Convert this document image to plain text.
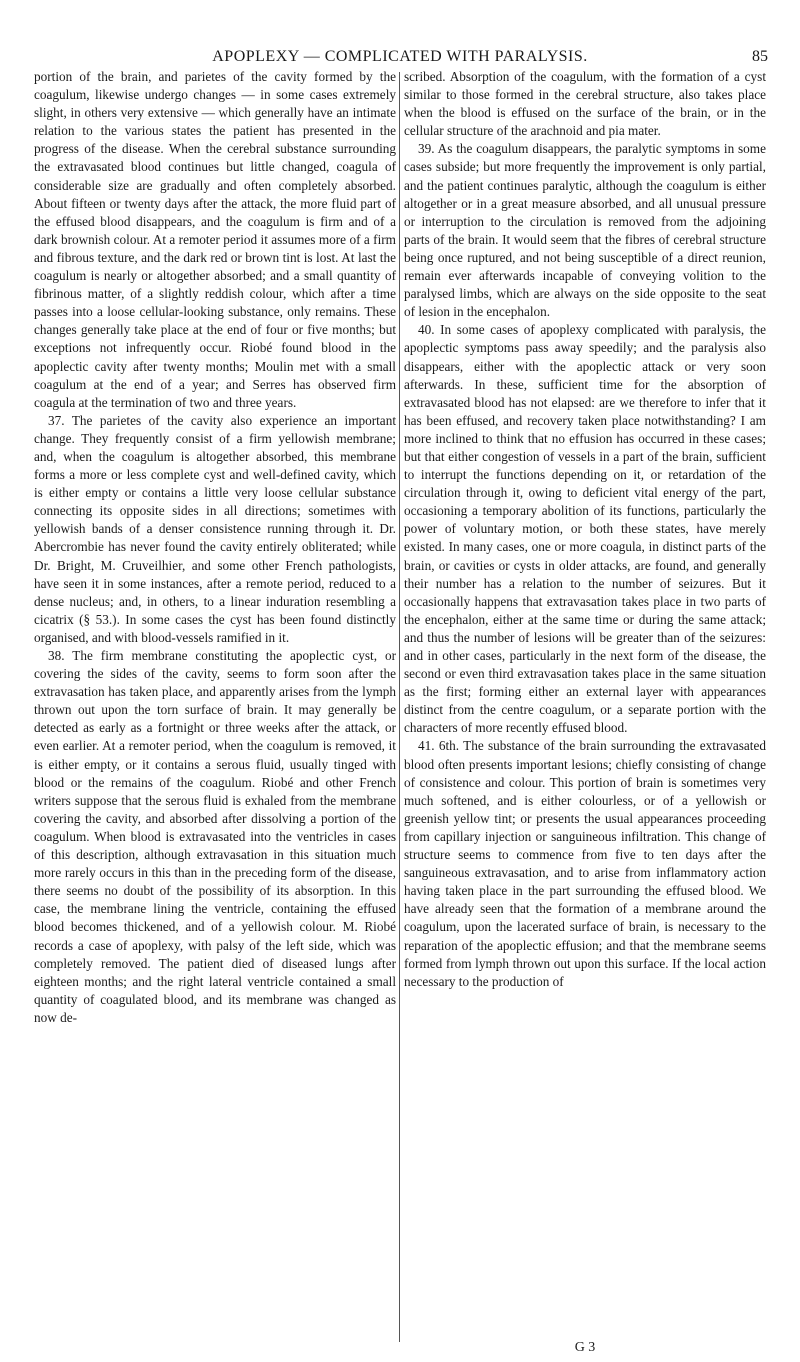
APOPLEXY — COMPLICATED WITH PARALYSIS.	85

portion of the brain, and parietes of the cavity formed by the coagulum, likewise undergo changes — in some cases extremely slight, in others very extensive — which generally have an intimate relation to the various states the patient has presented in the progress of the disease. When the cerebral substance surrounding the extravasated blood continues but little changed, coagula of considerable size are gradually and often completely absorbed. About fifteen or twenty days after the attack, the more fluid part of the effused blood disappears, and the coagulum is firm and of a dark brownish colour. At a remoter period it assumes more of a firm and fibrous texture, and the dark red or brown tint is lost. At last the coagulum is nearly or altogether absorbed; and a small quantity of fibrinous matter, of a slightly reddish colour, which after a time passes into a loose cellular-looking substance, only remains. These changes generally take place at the end of four or five months; but exceptions not infrequently occur. Riobé found blood in the apoplectic cavity after twenty months; Moulin met with a small coagulum at the end of a year; and Serres has observed firm coagula at the termination of two and three years.

37. The parietes of the cavity also experience an important change. They frequently consist of a firm yellowish membrane; and, when the coagulum is altogether absorbed, this membrane forms a more or less complete cyst and well-defined cavity, which is either empty or contains a little very loose cellular substance connecting its opposite sides in all directions; sometimes with yellowish bands of a denser consistence running through it. Dr. Abercrombie has never found the cavity entirely obliterated; while Dr. Bright, M. Cruveilhier, and some other French pathologists, have seen it in some instances, after a remote period, reduced to a dense nucleus; and, in others, to a linear induration resembling a cicatrix (§ 53.). In some cases the cyst has been found distinctly organised, and with blood-vessels ramified in it.

38. The firm membrane constituting the apoplectic cyst, or covering the sides of the cavity, seems to form soon after the extravasation has taken place, and apparently arises from the lymph thrown out upon the torn surface of brain. It may generally be detected as early as a fortnight or three weeks after the attack, or even earlier. At a remoter period, when the coagulum is removed, it is either empty, or it contains a serous fluid, usually tinged with blood or the remains of the coagulum. Riobé and other French writers suppose that the serous fluid is exhaled from the membrane covering the cavity, and absorbed after dissolving a portion of the coagulum. When blood is extravasated into the ventricles in cases of this description, although extravasation in this situation much more rarely occurs in this than in the preceding form of the disease, there seems no doubt of the possibility of its absorption. In this case, the membrane lining the ventricle, containing the effused blood becomes thickened, and of a yellowish colour. M. Riobé records a case of apoplexy, with palsy of the left side, which was completely removed. The patient died of diseased lungs after eighteen months; and the right lateral ventricle contained a small quantity of coagulated blood, and its membrane was changed as now de-

scribed. Absorption of the coagulum, with the formation of a cyst similar to those formed in the cerebral structure, also takes place when the blood is effused on the surface of the brain, or in the cellular structure of the arachnoid and pia mater.

39. As the coagulum disappears, the paralytic symptoms in some cases subside; but more frequently the improvement is only partial, and the patient continues paralytic, although the coagulum is either altogether or in a great measure absorbed, and all unusual pressure or interruption to the circulation is removed from the adjoining parts of the brain. It would seem that the fibres of cerebral structure being once ruptured, and not being susceptible of a direct reunion, remain ever afterwards incapable of conveying volition to the paralysed limbs, which are always on the side opposite to the seat of lesion in the encephalon.

40. In some cases of apoplexy complicated with paralysis, the apoplectic symptoms pass away speedily; and the paralysis also disappears, either with the apoplectic attack or very soon afterwards. In these, sufficient time for the absorption of extravasated blood has not elapsed: are we therefore to infer that it has been effused, and recovery taken place notwithstanding? I am more inclined to think that no effusion has occurred in these cases; but that either congestion of vessels in a part of the brain, sufficient to interrupt the functions depending on it, or retardation of the circulation through it, owing to deficient vital energy of the part, occasioning a temporary abolition of its functions, particularly the power of voluntary motion, or both these states, have merely existed. In many cases, one or more coagula, in distinct parts of the brain, or cavities or cysts in older attacks, are found, and generally their number has a relation to the number of seizures. But it occasionally happens that extravasation takes place in two parts of the encephalon, either at the same time or during the same attack; and thus the number of lesions will be greater than of the seizures: and in other cases, particularly in the next form of the disease, the second or even third extravasation takes place in the same situation as the first; forming either an external layer with appearances distinct from the centre coagulum, or a separate portion with the characters of more recently effused blood.

41. 6th. The substance of the brain surrounding the extravasated blood often presents important lesions; chiefly consisting of change of consistence and colour. This portion of brain is sometimes very much softened, and is either colourless, or of a yellowish or greenish yellow tint; or presents the usual appearances proceeding from capillary injection or sanguineous infiltration. This change of structure seems to commence from five to ten days after the sanguineous extravasation, and to arise from inflammatory action having taken place in the part surrounding the effused blood. We have already seen that the formation of a membrane around the coagulum, upon the lacerated surface of brain, is necessary to the reparation of the apoplectic effusion; and that the membrane seems formed from lymph thrown out upon this surface. If the local action necessary to the production of

G 3
